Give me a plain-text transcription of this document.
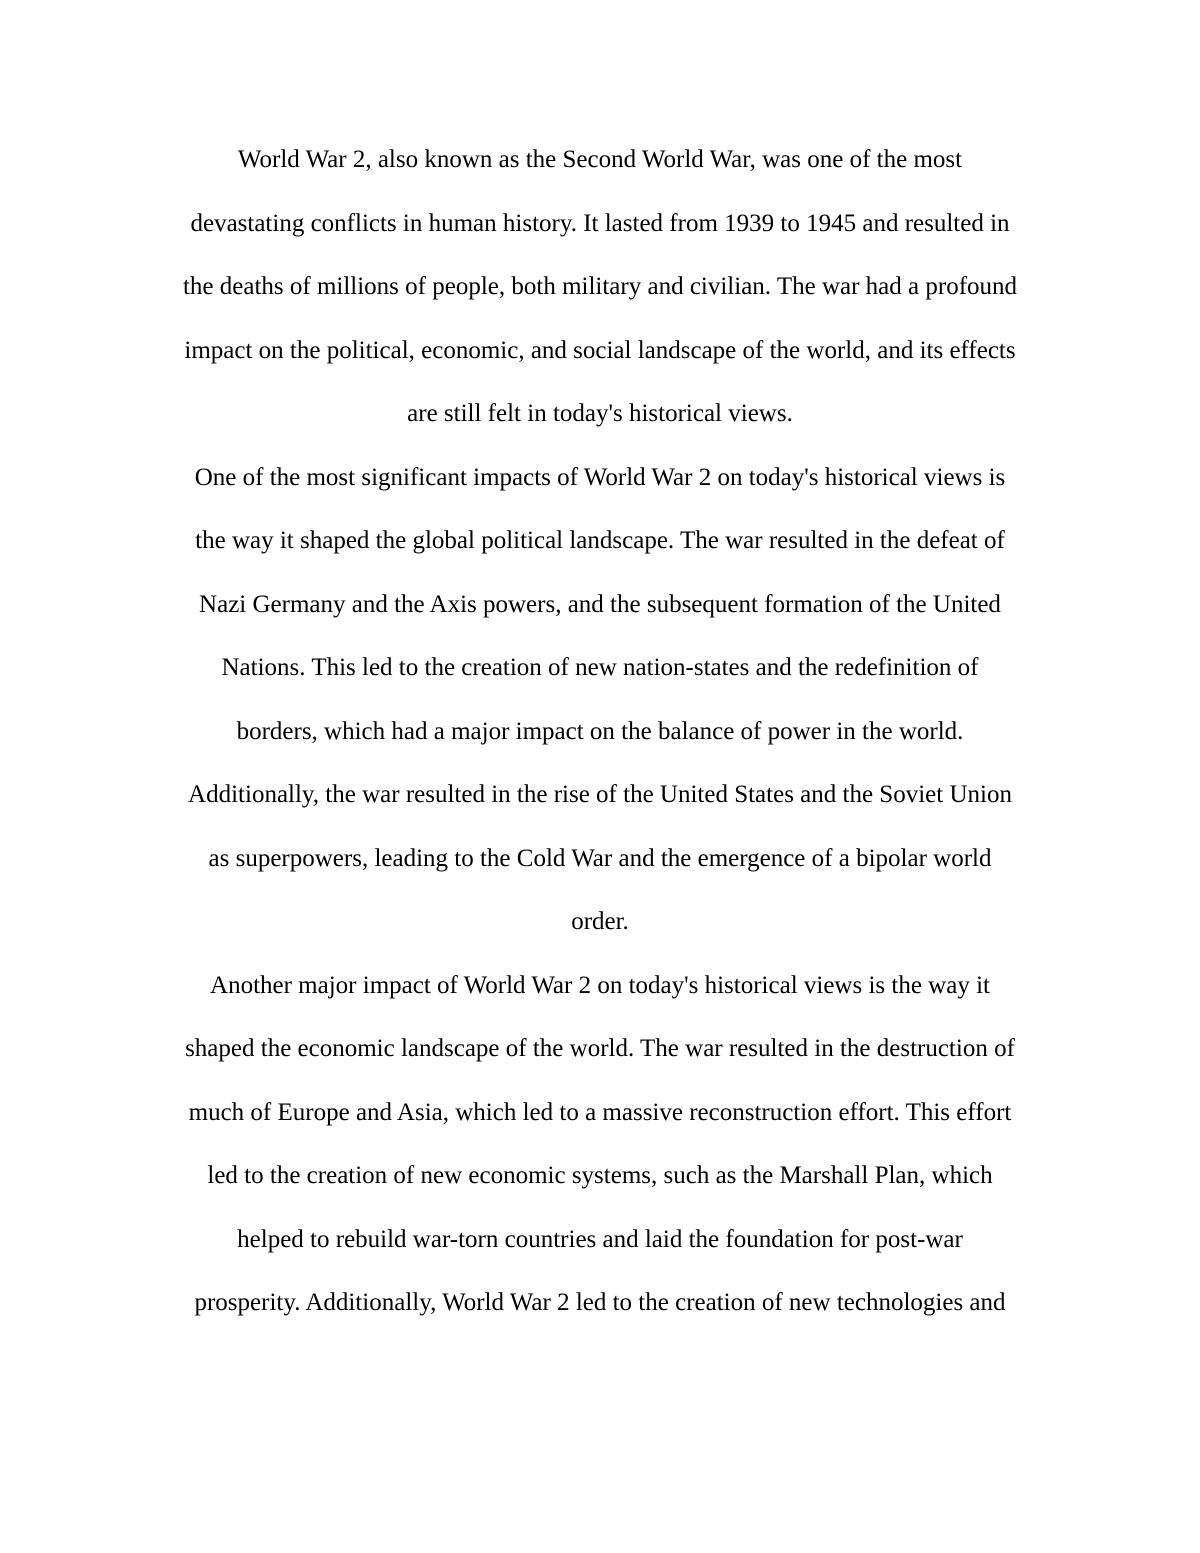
World War 2, also known as the Second World War, was one of the most
devastating conflicts in human history. It lasted from 1939 to 1945 and resulted in
the deaths of millions of people, both military and civilian. The war had a profound
impact on the political, economic, and social landscape of the world, and its effects
are still felt in today's historical views.
One of the most significant impacts of World War 2 on today's historical views is
the way it shaped the global political landscape. The war resulted in the defeat of
Nazi Germany and the Axis powers, and the subsequent formation of the United
Nations. This led to the creation of new nation-states and the redefinition of
borders, which had a major impact on the balance of power in the world.
Additionally, the war resulted in the rise of the United States and the Soviet Union
as superpowers, leading to the Cold War and the emergence of a bipolar world
order.
Another major impact of World War 2 on today's historical views is the way it
shaped the economic landscape of the world. The war resulted in the destruction of
much of Europe and Asia, which led to a massive reconstruction effort. This effort
led to the creation of new economic systems, such as the Marshall Plan, which
helped to rebuild war-torn countries and laid the foundation for post-war
prosperity. Additionally, World War 2 led to the creation of new technologies and
